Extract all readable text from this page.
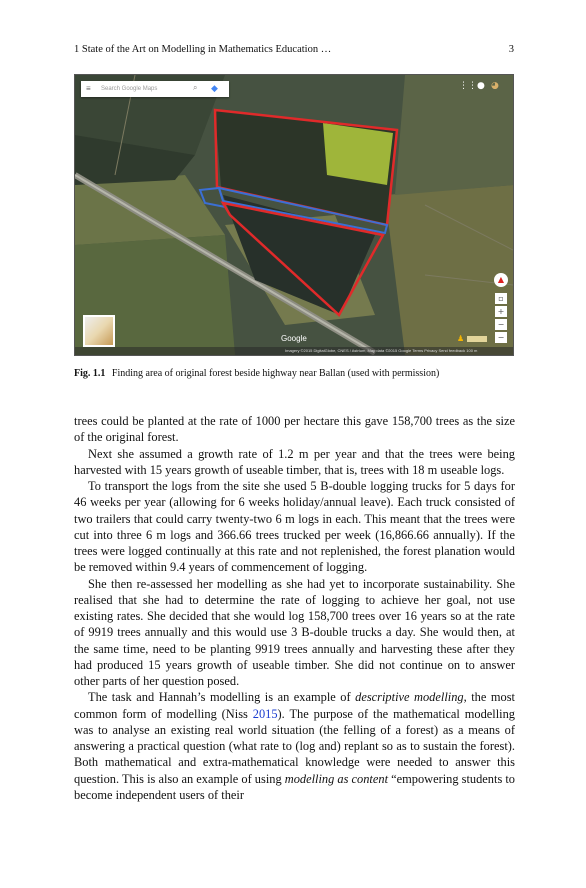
1 State of the Art on Modelling in Mathematics Education …	3
≡ Search Google Maps	⌕ ◆	⋮⋮ ● ◕
▲
▫
+
−
−
Google	♟
Imagery ©2015 DigitalGlobe, CNES / Astrium, Map data ©2015 Google Terms Privacy Send feedback 100 m
Fig. 1.1 Finding area of original forest beside highway near Ballan (used with permission)

trees could be planted at the rate of 1000 per hectare this gave 158,700 trees as the size of the original forest.

Next she assumed a growth rate of 1.2 m per year and that the trees were being harvested with 15 years growth of useable timber, that is, trees with 18 m useable logs.

To transport the logs from the site she used 5 B-double logging trucks for 5 days for 46 weeks per year (allowing for 6 weeks holiday/annual leave). Each truck consisted of two trailers that could carry twenty-two 6 m logs in each. This meant that the trees were cut into three 6 m logs and 366.66 trees trucked per week (16,866.66 annually). If the trees were logged continually at this rate and not replenished, the forest planation would be removed within 9.4 years of commencement of logging.

She then re-assessed her modelling as she had yet to incorporate sustainability. She realised that she had to determine the rate of logging to achieve her goal, not use existing rates. She decided that she would log 158,700 trees over 16 years so at the rate of 9919 trees annually and this would use 3 B-double trucks a day. She would then, at the same time, need to be planting 9919 trees annually and harvesting these after they had produced 15 years growth of useable timber. She did not continue on to answer other parts of her question posed.

The task and Hannah’s modelling is an example of descriptive modelling, the most common form of modelling (Niss 2015). The purpose of the mathematical modelling was to analyse an existing real world situation (the felling of a forest) as a means of answering a practical question (what rate to (log and) replant so as to sustain the forest). Both mathematical and extra-mathematical knowledge were needed to answer this question. This is also an example of using modelling as content “empowering students to become independent users of their
